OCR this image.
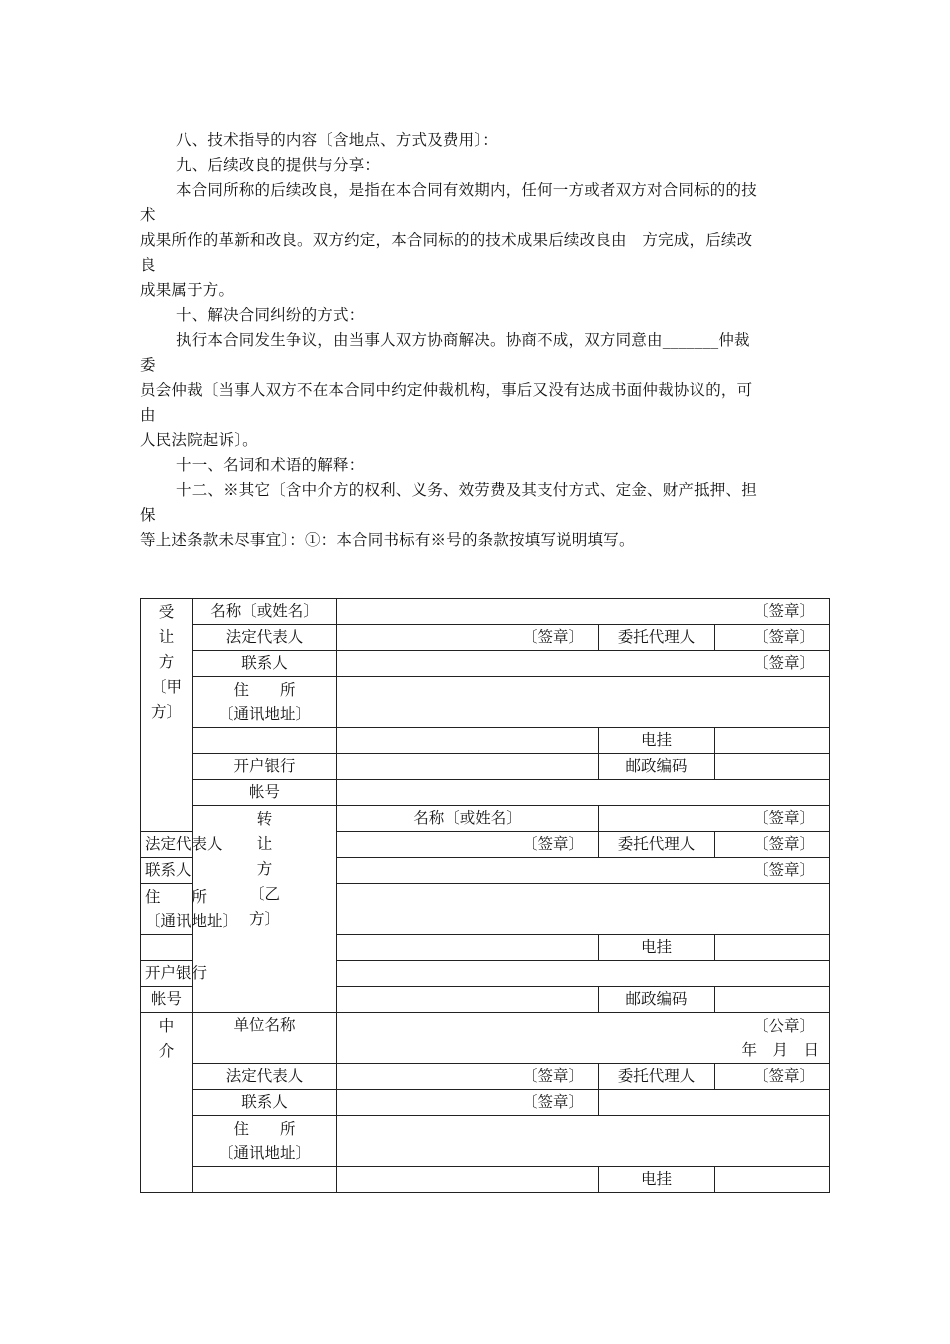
八、技术指导的内容〔含地点、方式及费用〕：
九、后续改良的提供与分享：
本合同所称的后续改良，是指在本合同有效期内，任何一方或者双方对合同标的的技
术
成果所作的革新和改良。双方约定，本合同标的的技术成果后续改良由　方完成，后续改
良
成果属于方。
十、解决合同纠纷的方式：
执行本合同发生争议，由当事人双方协商解决。协商不成，双方同意由_______仲裁
委
员会仲裁〔当事人双方不在本合同中约定仲裁机构，事后又没有达成书面仲裁协议的，可
由
人民法院起诉〕。
十一、名词和术语的解释：
十二、※其它〔含中介方的权利、义务、效劳费及其支付方式、定金、财产抵押、担
保
等上述条款未尽事宜〕：①：本合同书标有※号的条款按填写说明填写。
受
让
方
〔甲
方〕	名称〔或姓名〕	〔签章〕		
	法定代表人	〔签章〕	委托代理人	〔签章〕
	联系人	〔签章〕		

	住　　所
〔通讯地址〕			

			电挂	
	开户银行		邮政编码	
	帐号			

	转
让
方
〔乙
方〕	名称〔或姓名〕	〔签章〕	
法定代表人		〔签章〕	委托代理人	〔签章〕
联系人		〔签章〕		

住　　所
〔通讯地址〕				

			电挂	
开户银行				
帐号			邮政编码	

中
介	单位名称	〔公章〕
年　月　日		

	法定代表人	〔签章〕	委托代理人	〔签章〕
	联系人	〔签章〕		

	住　　所
〔通讯地址〕			

			电挂	
